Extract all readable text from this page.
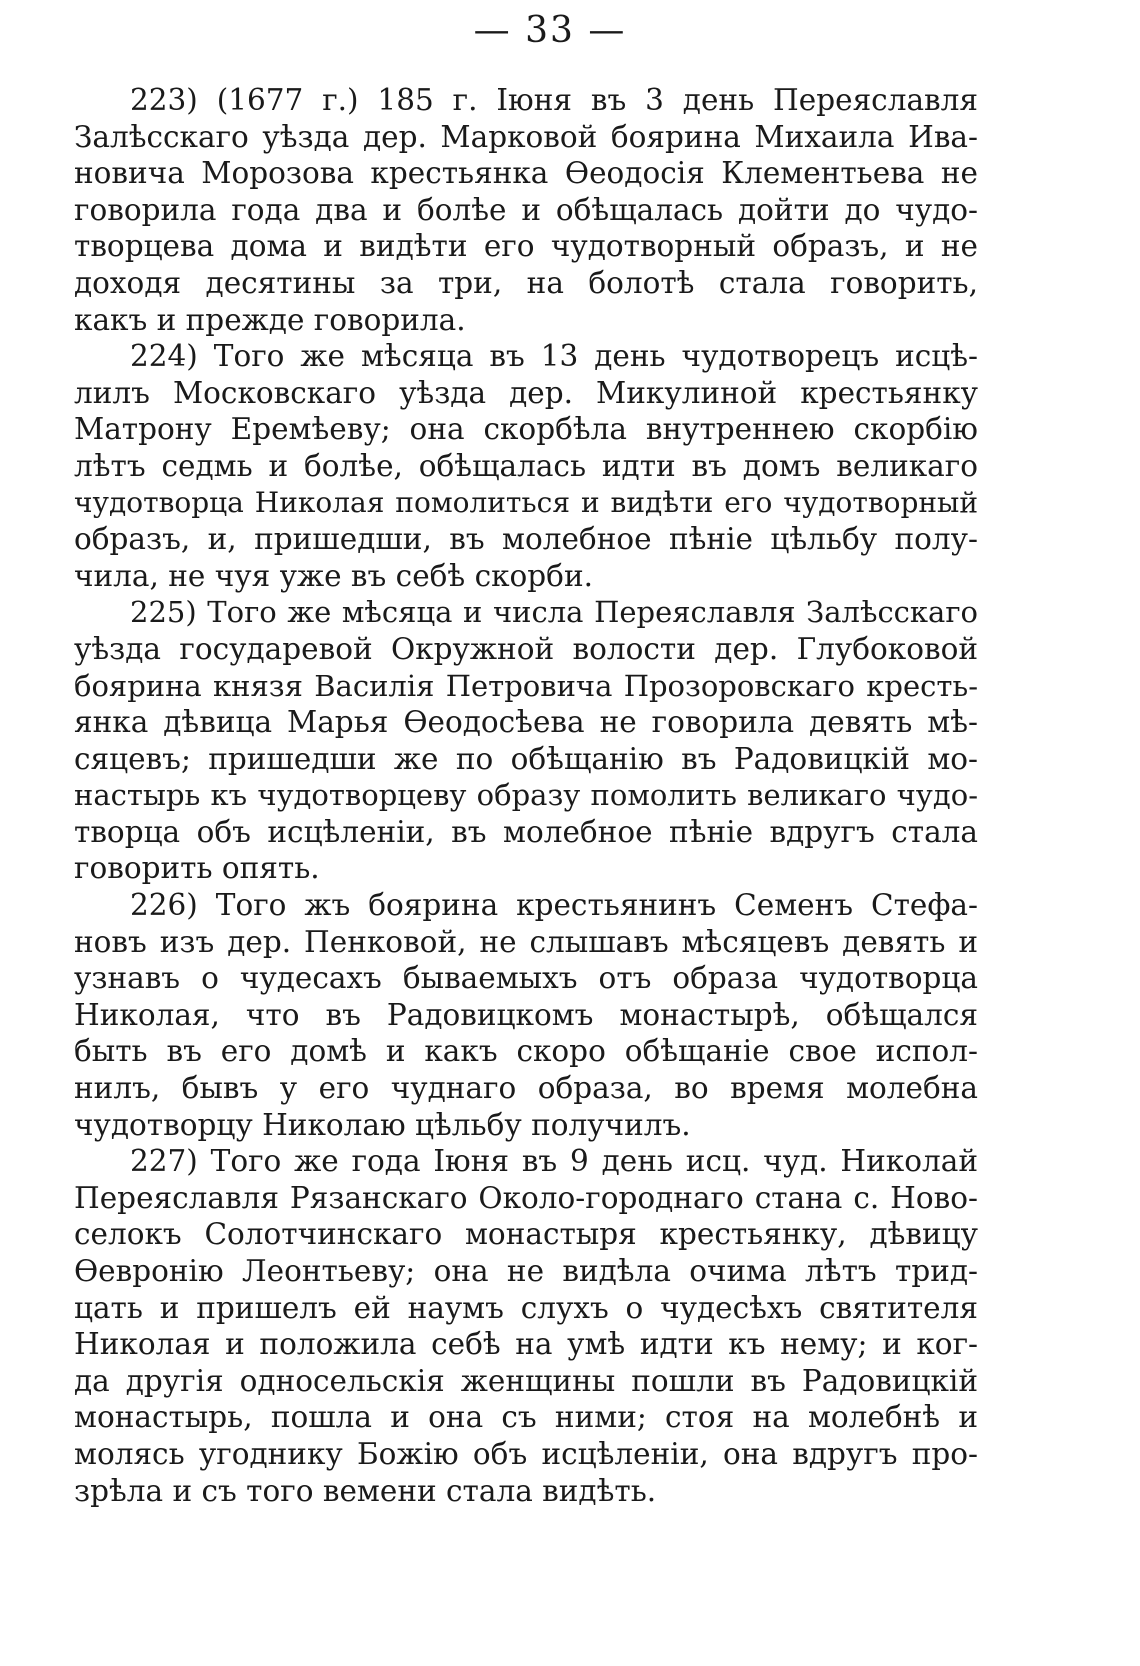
— 33 —
223) (1677 г.) 185 г. Iюня въ 3 день Переяславля
Залѣсскаго уѣзда дер. Марковой боярина Михаила Ива-
новича Морозова крестьянка Ѳеодосія Клементьева не
говорила года два и болѣе и обѣщалась дойти до чудо-
творцева дома и видѣти его чудотворный образъ, и не
доходя десятины за три, на болотѣ стала говорить,
какъ и прежде говорила.
224) Того же мѣсяца въ 13 день чудотворецъ исцѣ-
лилъ Московскаго уѣзда дер. Микулиной крестьянку
Матрону Еремѣеву; она скорбѣла внутреннею скорбію
лѣтъ седмь и болѣе, обѣщалась идти въ домъ великаго
чудотворца Николая помолиться и видѣти его чудотворный
образъ, и, пришедши, въ молебное пѣніе цѣльбу полу-
чила, не чуя уже въ себѣ скорби.
225) Того же мѣсяца и числа Переяславля Залѣсскаго
уѣзда государевой Окружной волости дер. Глубоковой
боярина князя Василія Петровича Прозоровскаго кресть-
янка дѣвица Марья Ѳеодосѣева не говорила девять мѣ-
сяцевъ; пришедши же по обѣщанію въ Радовицкій мо-
настырь къ чудотворцеву образу помолить великаго чудо-
творца объ исцѣленіи, въ молебное пѣніе вдругъ стала
говорить опять.
226) Того жъ боярина крестьянинъ Семенъ Стефа-
новъ изъ дер. Пенковой, не слышавъ мѣсяцевъ девять и
узнавъ о чудесахъ бываемыхъ отъ образа чудотворца
Николая, что въ Радовицкомъ монастырѣ, обѣщался
быть въ его домѣ и какъ скоро обѣщаніе свое испол-
нилъ, бывъ у его чуднаго образа, во время молебна
чудотворцу Николаю цѣльбу получилъ.
227) Того же года Iюня въ 9 день исц. чуд. Николай
Переяславля Рязанскаго Около-городнаго стана с. Ново-
селокъ Солотчинскаго монастыря крестьянку, дѣвицу
Ѳевронію Леонтьеву; она не видѣла очима лѣтъ трид-
цать и пришелъ ей наумъ слухъ о чудесѣхъ святителя
Николая и положила себѣ на умѣ идти къ нему; и ког-
да другія односельскія женщины пошли въ Радовицкій
монастырь, пошла и она съ ними; стоя на молебнѣ и
молясь угоднику Божію объ исцѣленіи, она вдругъ про-
зрѣла и съ того вемени стала видѣть.
